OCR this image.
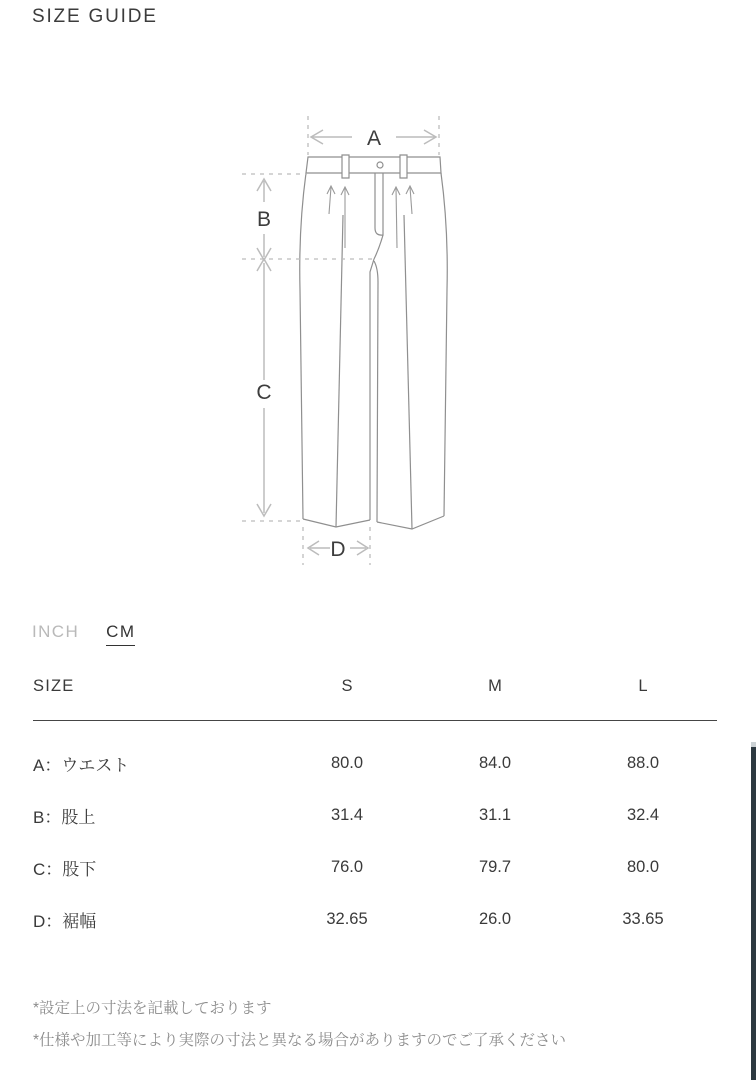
SIZE GUIDE
A
B
C
D
INCH CM
SIZE	S	M	L
A：ウエスト	80.0	84.0	88.0
B：股上	31.4	31.1	32.4
C：股下	76.0	79.7	80.0
D：裾幅	32.65	26.0	33.65

*設定上の寸法を記載しております

*仕様や加工等により実際の寸法と異なる場合がありますのでご了承ください
